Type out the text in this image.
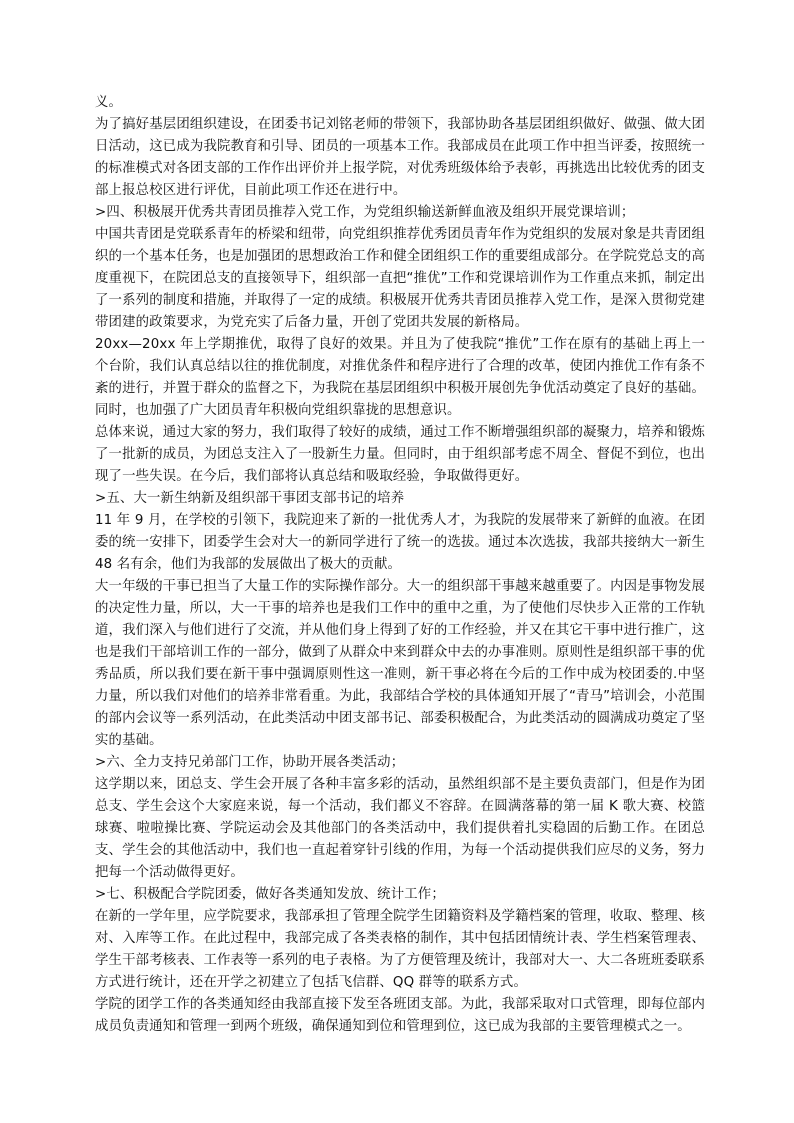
义。

为了搞好基层团组织建设，在团委书记刘铭老师的带领下，我部协助各基层团组织做好、做强、做大团日活动，这已成为我院教育和引导、团员的一项基本工作。我部成员在此项工作中担当评委，按照统一的标准模式对各团支部的工作作出评价并上报学院，对优秀班级体给予表彰，再挑选出比较优秀的团支部上报总校区进行评优，目前此项工作还在进行中。

>四、积极展开优秀共青团员推荐入党工作，为党组织输送新鲜血液及组织开展党课培训；

中国共青团是党联系青年的桥梁和纽带，向党组织推荐优秀团员青年作为党组织的发展对象是共青团组织的一个基本任务，也是加强团的思想政治工作和健全团组织工作的重要组成部分。在学院党总支的高度重视下，在院团总支的直接领导下，组织部一直把“推优”工作和党课培训作为工作重点来抓，制定出了一系列的制度和措施，并取得了一定的成绩。积极展开优秀共青团员推荐入党工作，是深入贯彻党建带团建的政策要求，为党充实了后备力量，开创了党团共发展的新格局。

20xx—20xx 年上学期推优，取得了良好的效果。并且为了使我院“推优”工作在原有的基础上再上一个台阶，我们认真总结以往的推优制度，对推优条件和程序进行了合理的改革，使团内推优工作有条不紊的进行，并置于群众的监督之下，为我院在基层团组织中积极开展创先争优活动奠定了良好的基础。同时，也加强了广大团员青年积极向党组织靠拢的思想意识。

总体来说，通过大家的努力，我们取得了较好的成绩，通过工作不断增强组织部的凝聚力，培养和锻炼了一批新的成员，为团总支注入了一股新生力量。但同时，由于组织部考虑不周全、督促不到位，也出现了一些失误。在今后，我们部将认真总结和吸取经验，争取做得更好。

>五、大一新生纳新及组织部干事团支部书记的培养

11 年 9 月，在学校的引领下，我院迎来了新的一批优秀人才，为我院的发展带来了新鲜的血液。在团委的统一安排下，团委学生会对大一的新同学进行了统一的选拔。通过本次选拔，我部共接纳大一新生 48 名有余，他们为我部的发展做出了极大的贡献。

大一年级的干事已担当了大量工作的实际操作部分。大一的组织部干事越来越重要了。内因是事物发展的决定性力量，所以，大一干事的培养也是我们工作中的重中之重，为了使他们尽快步入正常的工作轨道，我们深入与他们进行了交流，并从他们身上得到了好的工作经验，并又在其它干事中进行推广，这也是我们干部培训工作的一部分，做到了从群众中来到群众中去的办事准则。原则性是组织部干事的优秀品质，所以我们要在新干事中强调原则性这一准则，新干事必将在今后的工作中成为校团委的.中坚力量，所以我们对他们的培养非常看重。为此，我部结合学校的具体通知开展了“青马”培训会，小范围的部内会议等一系列活动，在此类活动中团支部书记、部委积极配合，为此类活动的圆满成功奠定了坚实的基础。

>六、全力支持兄弟部门工作，协助开展各类活动；

这学期以来，团总支、学生会开展了各种丰富多彩的活动，虽然组织部不是主要负责部门，但是作为团总支、学生会这个大家庭来说，每一个活动，我们都义不容辞。在圆满落幕的第一届 K 歌大赛、校篮球赛、啦啦操比赛、学院运动会及其他部门的各类活动中，我们提供着扎实稳固的后勤工作。在团总支、学生会的其他活动中，我们也一直起着穿针引线的作用，为每一个活动提供我们应尽的义务，努力把每一个活动做得更好。

>七、积极配合学院团委，做好各类通知发放、统计工作；

在新的一学年里，应学院要求，我部承担了管理全院学生团籍资料及学籍档案的管理，收取、整理、核对、入库等工作。在此过程中，我部完成了各类表格的制作，其中包括团情统计表、学生档案管理表、学生干部考核表、工作表等一系列的电子表格。为了方便管理及统计，我部对大一、大二各班班委联系方式进行统计，还在开学之初建立了包括飞信群、QQ 群等的联系方式。

学院的团学工作的各类通知经由我部直接下发至各班团支部。为此，我部采取对口式管理，即每位部内成员负责通知和管理一到两个班级，确保通知到位和管理到位，这已成为我部的主要管理模式之一。
